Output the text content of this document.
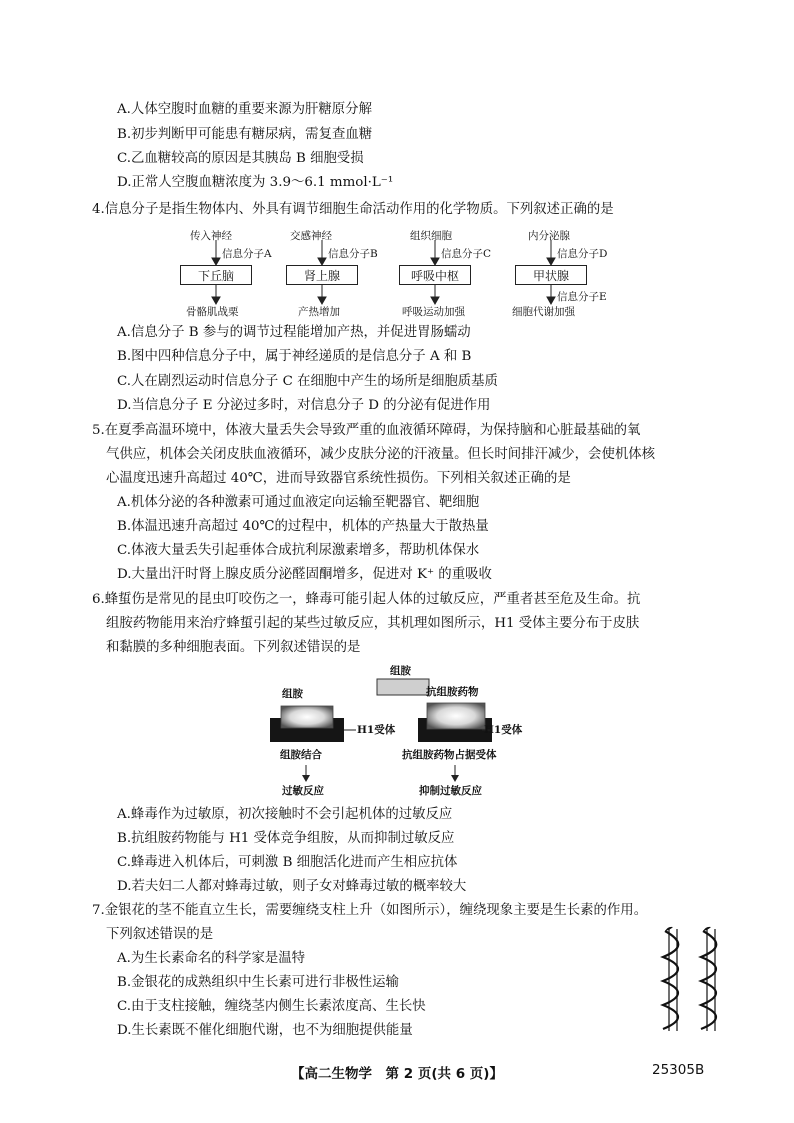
A.人体空腹时血糖的重要来源为肝糖原分解
B.初步判断甲可能患有糖尿病，需复查血糖
C.乙血糖较高的原因是其胰岛 B 细胞受损
D.正常人空腹血糖浓度为 3.9～6.1 mmol·L⁻¹
4.信息分子是指生物体内、外具有调节细胞生命活动作用的化学物质。下列叙述正确的是
传入神经	交感神经	组织细胞	内分泌腺
信息分子A	信息分子B	信息分子C	信息分子D
下丘脑	肾上腺	呼吸中枢	甲状腺
信息分子E
骨骼肌战栗	产热增加	呼吸运动加强	细胞代谢加强
A.信息分子 B 参与的调节过程能增加产热，并促进胃肠蠕动
B.图中四种信息分子中，属于神经递质的是信息分子 A 和 B
C.人在剧烈运动时信息分子 C 在细胞中产生的场所是细胞质基质
D.当信息分子 E 分泌过多时，对信息分子 D 的分泌有促进作用
5.在夏季高温环境中，体液大量丢失会导致严重的血液循环障碍，为保持脑和心脏最基础的氧
气供应，机体会关闭皮肤血液循环，减少皮肤分泌的汗液量。但长时间排汗减少，会使机体核
心温度迅速升高超过 40℃，进而导致器官系统性损伤。下列相关叙述正确的是
A.机体分泌的各种激素可通过血液定向运输至靶器官、靶细胞
B.体温迅速升高超过 40℃的过程中，机体的产热量大于散热量
C.体液大量丢失引起垂体合成抗利尿激素增多，帮助机体保水
D.大量出汗时肾上腺皮质分泌醛固酮增多，促进对 K⁺ 的重吸收
6.蜂蜇伤是常见的昆虫叮咬伤之一，蜂毒可能引起人体的过敏反应，严重者甚至危及生命。抗
组胺药物能用来治疗蜂蜇引起的某些过敏反应，其机理如图所示，H1 受体主要分布于皮肤
和黏膜的多种细胞表面。下列叙述错误的是
组胺
组胺	抗组胺药物
H1受体	H1受体
组胺结合	抗组胺药物占据受体
过敏反应	抑制过敏反应
A.蜂毒作为过敏原，初次接触时不会引起机体的过敏反应
B.抗组胺药物能与 H1 受体竞争组胺，从而抑制过敏反应
C.蜂毒进入机体后，可刺激 B 细胞活化进而产生相应抗体
D.若夫妇二人都对蜂毒过敏，则子女对蜂毒过敏的概率较大
7.金银花的茎不能直立生长，需要缠绕支柱上升（如图所示），缠绕现象主要是生长素的作用。
下列叙述错误的是
A.为生长素命名的科学家是温特
B.金银花的成熟组织中生长素可进行非极性运输
C.由于支柱接触，缠绕茎内侧生长素浓度高、生长快
D.生长素既不催化细胞代谢，也不为细胞提供能量
【高二生物学　第 2 页(共 6 页)】	25305B
